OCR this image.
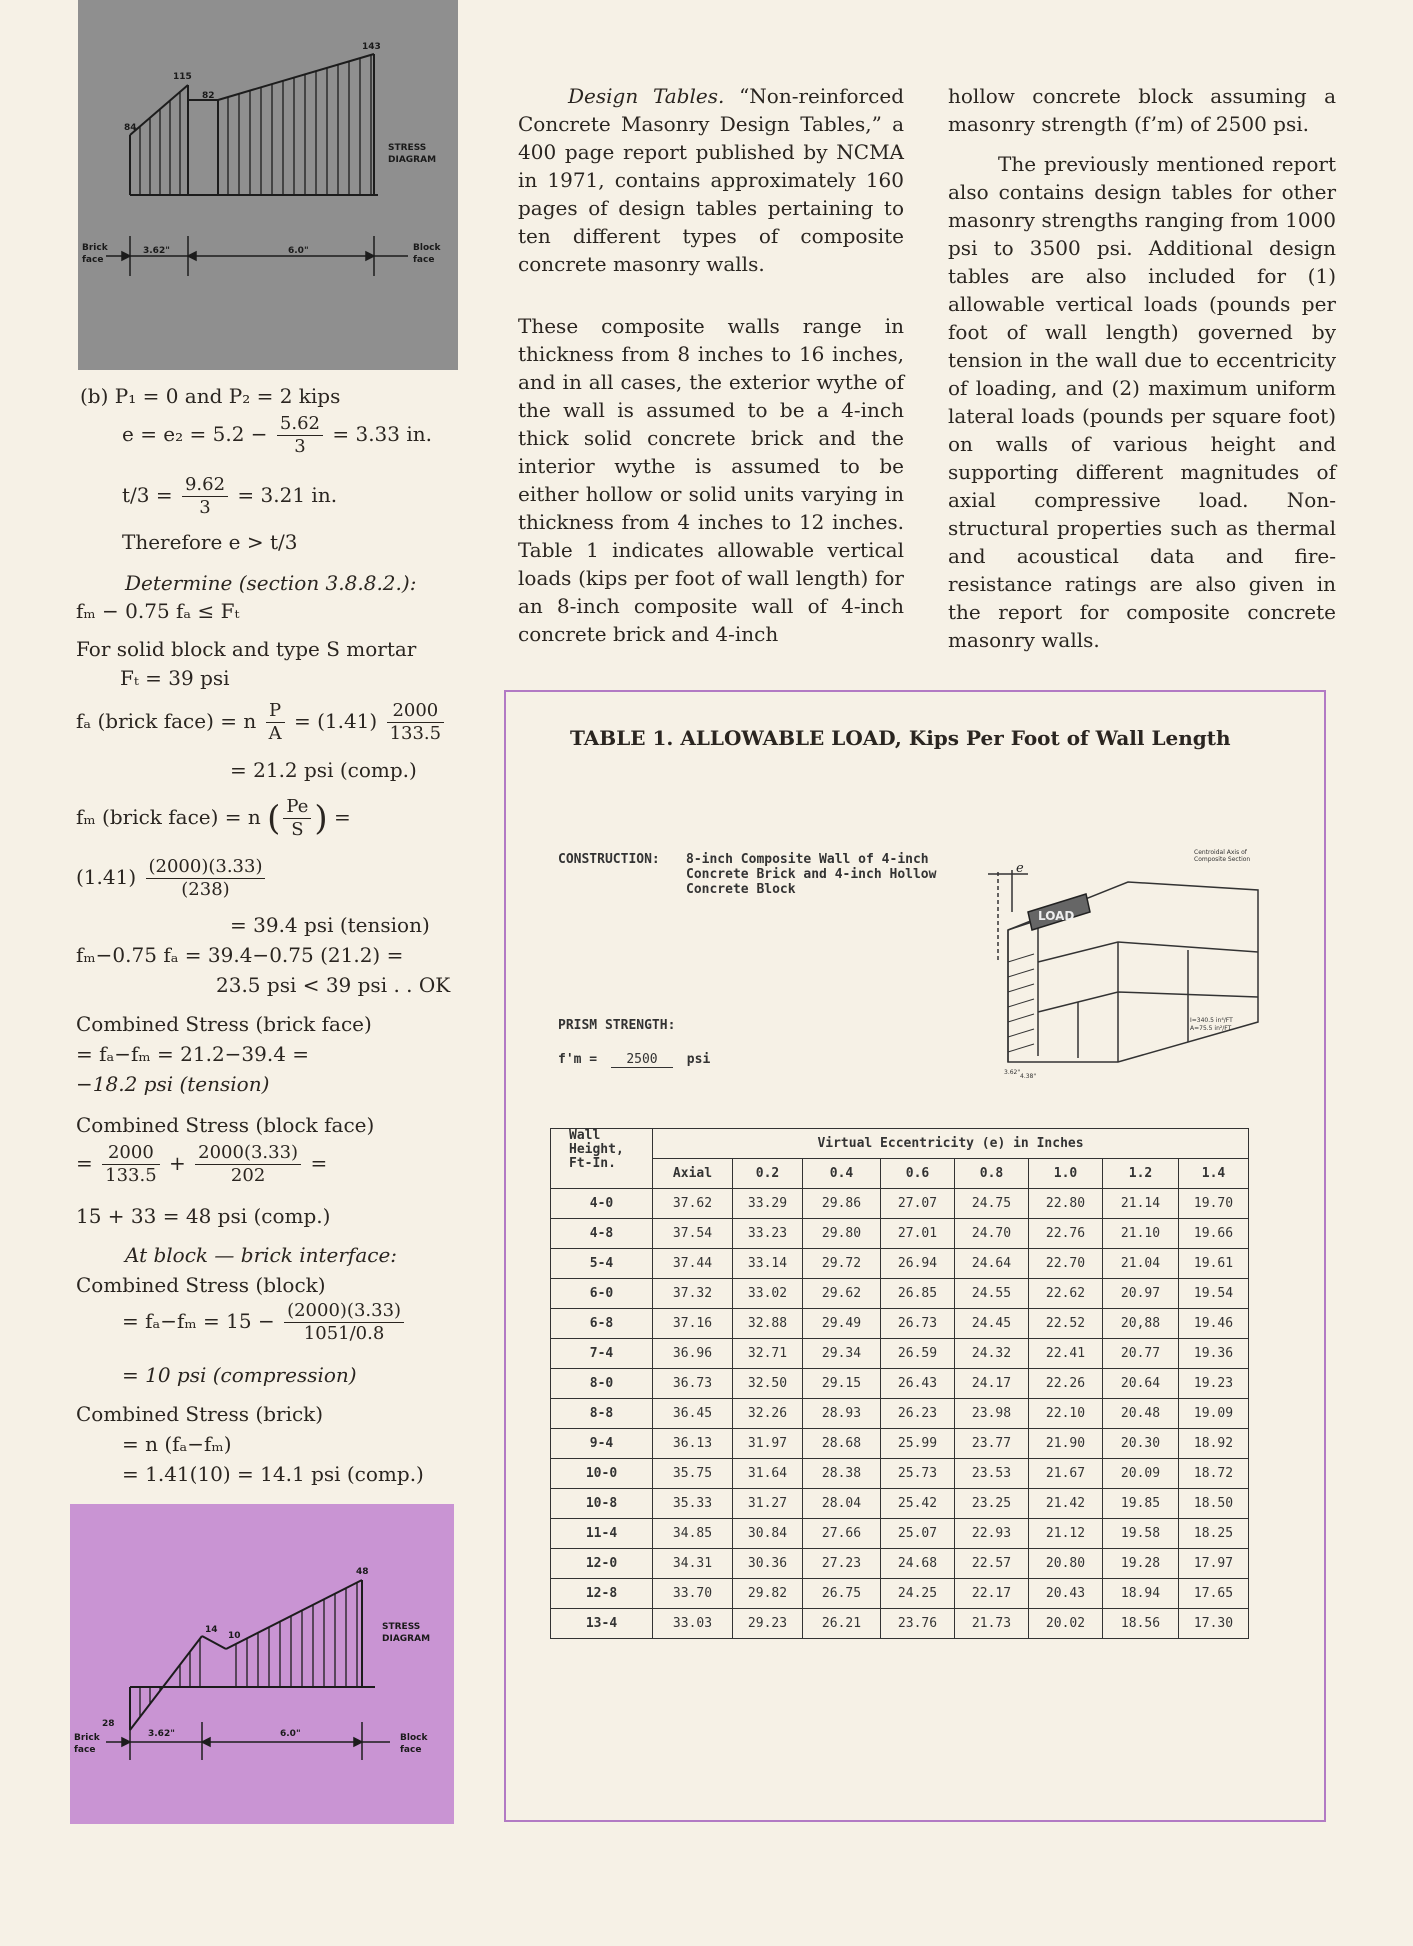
84
115
82
143
STRESS
DIAGRAM
Brick
face
Block
face
3.62"	6.0"
(b) P₁ = 0 and P₂ = 2 kips
$e = e_2 = 5.2 - \frac{5.62}{3} = 3.33$ in.
$t/3 = \frac{9.62}{3} = 3.21$ in.
Therefore e > t/3
Determine (section 3.8.8.2.):
fₘ − 0.75 fₐ ≤ Fₜ
For solid block and type S mortar
Fₜ = 39 psi
fₐ (brick face) = n $\frac{P}{A} = (1.41) \frac{2000}{133.5}$
= 21.2 psi (comp.)
fₘ (brick face) = n ( $\frac{Pe}{S}$ ) =
$(1.41) \frac{(2000)(3.33)}{(238)}$
= 39.4 psi (tension)
fₘ−0.75 fₐ = 39.4−0.75 (21.2) =
23.5 psi < 39 psi . . OK
Combined Stress (brick face)
= fₐ−fₘ = 21.2−39.4 =
−18.2 psi (tension)
Combined Stress (block face)
= $\frac{2000}{133.5} + \frac{2000(3.33)}{202}$ =
15 + 33 = 48 psi (comp.)
At block — brick interface:
Combined Stress (block)
= $f_a-f_m = 15 - \frac{(2000)(3.33)}{1051/0.8}$
= 10 psi (compression)
Combined Stress (brick)
= n (fₐ−fₘ)
= 1.41(10) = 14.1 psi (comp.)
28
14
10
48
STRESS
DIAGRAM
Brick
face
Block
face
3.62"	6.0"

Design Tables. “Non-reinforced Concrete Masonry Design Tables,” a 400 page report published by NCMA in 1971, contains approximately 160 pages of design tables pertaining to ten different types of composite concrete masonry walls.

These composite walls range in thickness from 8 inches to 16 inches, and in all cases, the exterior wythe of the wall is assumed to be a 4-inch thick solid concrete brick and the interior wythe is assumed to be either hollow or solid units varying in thickness from 4 inches to 12 inches. Table 1 indicates allowable vertical loads (kips per foot of wall length) for an 8-inch composite wall of 4-inch concrete brick and 4-inch

hollow concrete block assuming a masonry strength (f’m) of 2500 psi.

The previously mentioned report also contains design tables for other masonry strengths ranging from 1000 psi to 3500 psi. Additional design tables are also included for (1) allowable vertical loads (pounds per foot of wall length) governed by tension in the wall due to eccentricity of loading, and (2) maximum uniform lateral loads (pounds per square foot) on walls of various height and supporting different magnitudes of axial compressive load. Non-structural properties such as thermal and acoustical data and fire-resistance ratings are also given in the report for composite concrete masonry walls.

TABLE 1. ALLOWABLE LOAD, Kips Per Foot of Wall Length
CONSTRUCTION: 8-inch Composite Wall of 4-inch
Concrete Brick and 4-inch Hollow
Concrete Block
PRISM STRENGTH:
f'm = 2500 psi
LOAD
e
Centroidal Axis of
Composite Section
I=340.5 in⁴/FT
A=75.5 in²/FT
3.62"
4.38"
Wall
Height,
Ft-In.	Virtual Eccentricity (e) in Inches							
	Axial	0.2	0.4	0.6	0.8	1.0	1.2	1.4
4-0	37.62	33.29	29.86	27.07	24.75	22.80	21.14	19.70
4-8	37.54	33.23	29.80	27.01	24.70	22.76	21.10	19.66
5-4	37.44	33.14	29.72	26.94	24.64	22.70	21.04	19.61
6-0	37.32	33.02	29.62	26.85	24.55	22.62	20.97	19.54
6-8	37.16	32.88	29.49	26.73	24.45	22.52	20,88	19.46
7-4	36.96	32.71	29.34	26.59	24.32	22.41	20.77	19.36
8-0	36.73	32.50	29.15	26.43	24.17	22.26	20.64	19.23
8-8	36.45	32.26	28.93	26.23	23.98	22.10	20.48	19.09
9-4	36.13	31.97	28.68	25.99	23.77	21.90	20.30	18.92
10-0	35.75	31.64	28.38	25.73	23.53	21.67	20.09	18.72
10-8	35.33	31.27	28.04	25.42	23.25	21.42	19.85	18.50
11-4	34.85	30.84	27.66	25.07	22.93	21.12	19.58	18.25
12-0	34.31	30.36	27.23	24.68	22.57	20.80	19.28	17.97
12-8	33.70	29.82	26.75	24.25	22.17	20.43	18.94	17.65
13-4	33.03	29.23	26.21	23.76	21.73	20.02	18.56	17.30
